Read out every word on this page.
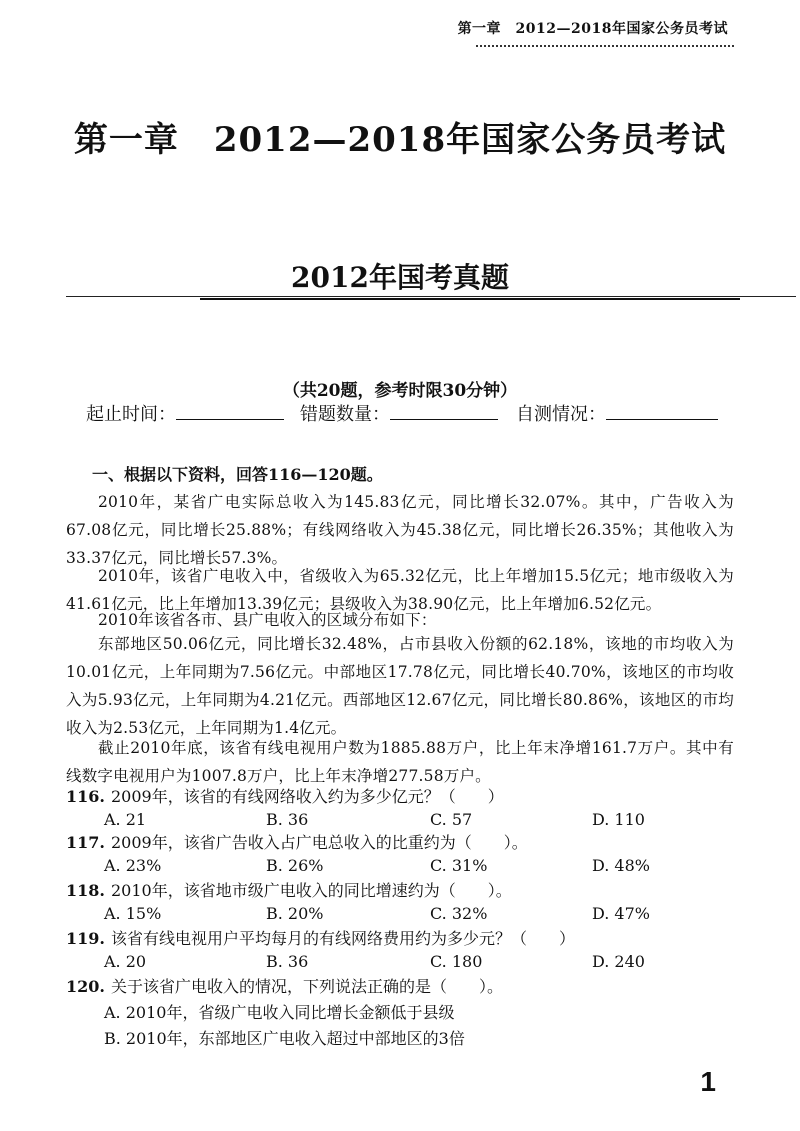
第一章　2012—2018年国家公务员考试
第一章　2012—2018年国家公务员考试
2012年国考真题
（共20题，参考时限30分钟）
起止时间：	错题数量：	自测情况：
一、根据以下资料，回答116—120题。
2010年，某省广电实际总收入为145.83亿元，同比增长32.07%。其中，广告收入为67.08亿元，同比增长25.88%；有线网络收入为45.38亿元，同比增长26.35%；其他收入为33.37亿元，同比增长57.3%。
2010年，该省广电收入中，省级收入为65.32亿元，比上年增加15.5亿元；地市级收入为41.61亿元，比上年增加13.39亿元；县级收入为38.90亿元，比上年增加6.52亿元。
2010年该省各市、县广电收入的区域分布如下：
东部地区50.06亿元，同比增长32.48%，占市县收入份额的62.18%，该地的市均收入为10.01亿元，上年同期为7.56亿元。中部地区17.78亿元，同比增长40.70%，该地区的市均收入为5.93亿元，上年同期为4.21亿元。西部地区12.67亿元，同比增长80.86%，该地区的市均收入为2.53亿元，上年同期为1.4亿元。
截止2010年底，该省有线电视用户数为1885.88万户，比上年末净增161.7万户。其中有线数字电视用户为1007.8万户，比上年末净增277.58万户。
116. 2009年，该省的有线网络收入约为多少亿元？（　　）
A. 21	B. 36	C. 57	D. 110
117. 2009年，该省广告收入占广电总收入的比重约为（　　）。
A. 23%	B. 26%	C. 31%	D. 48%
118. 2010年，该省地市级广电收入的同比增速约为（　　）。
A. 15%	B. 20%	C. 32%	D. 47%
119. 该省有线电视用户平均每月的有线网络费用约为多少元？（　　）
A. 20	B. 36	C. 180	D. 240
120. 关于该省广电收入的情况，下列说法正确的是（　　）。
A. 2010年，省级广电收入同比增长金额低于县级
B. 2010年，东部地区广电收入超过中部地区的3倍
1
